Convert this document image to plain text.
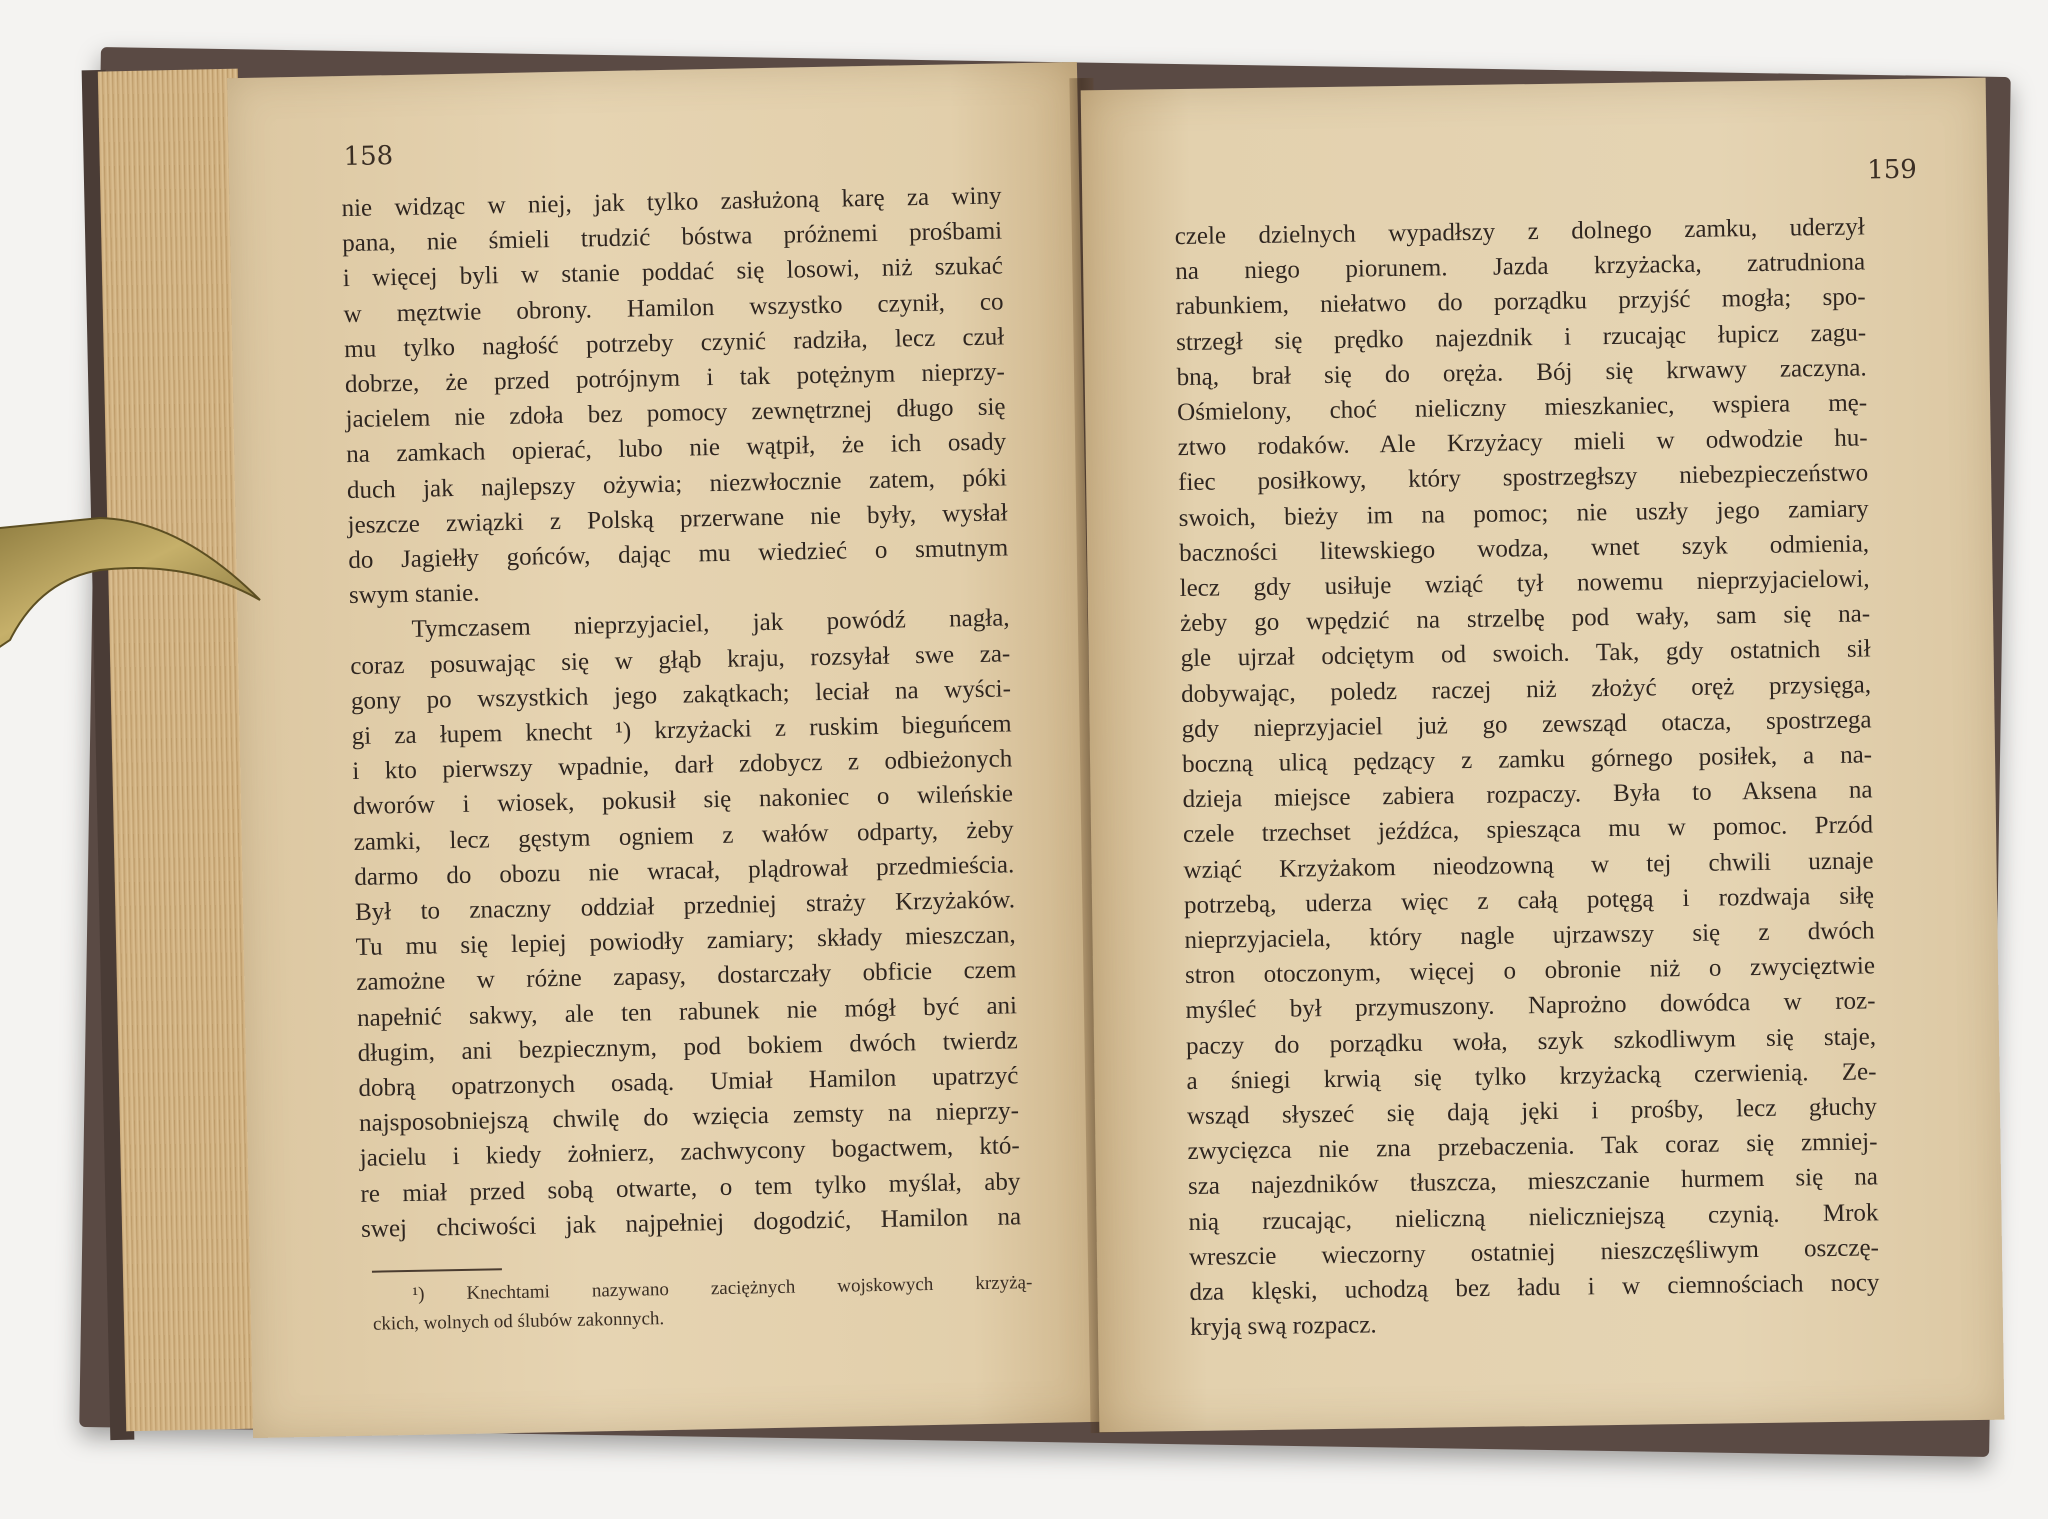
158
nie widząc w niej, jak tylko zasłużoną karę za winy
pana, nie śmieli trudzić bóstwa próżnemi prośbami
i więcej byli w stanie poddać się losowi, niż szukać
w męztwie obrony. Hamilon wszystko czynił, co
mu tylko nagłość potrzeby czynić radziła, lecz czuł
dobrze, że przed potrójnym i tak potężnym nieprzy-
jacielem nie zdoła bez pomocy zewnętrznej długo się
na zamkach opierać, lubo nie wątpił, że ich osady
duch jak najlepszy ożywia; niezwłocznie zatem, póki
jeszcze związki z Polską przerwane nie były, wysłał
do Jagiełły gońców, dając mu wiedzieć o smutnym
swym stanie.
Tymczasem nieprzyjaciel, jak powódź nagła,
coraz posuwając się w głąb kraju, rozsyłał swe za-
gony po wszystkich jego zakątkach; leciał na wyści-
gi za łupem knecht ¹) krzyżacki z ruskim bieguńcem
i kto pierwszy wpadnie, darł zdobycz z odbieżonych
dworów i wiosek, pokusił się nakoniec o wileńskie
zamki, lecz gęstym ogniem z wałów odparty, żeby
darmo do obozu nie wracał, plądrował przedmieścia.
Był to znaczny oddział przedniej straży Krzyżaków.
Tu mu się lepiej powiodły zamiary; składy mieszczan,
zamożne w różne zapasy, dostarczały obficie czem
napełnić sakwy, ale ten rabunek nie mógł być ani
długim, ani bezpiecznym, pod bokiem dwóch twierdz
dobrą opatrzonych osadą. Umiał Hamilon upatrzyć
najsposobniejszą chwilę do wzięcia zemsty na nieprzy-
jacielu i kiedy żołnierz, zachwycony bogactwem, któ-
re miał przed sobą otwarte, o tem tylko myślał, aby
swej chciwości jak najpełniej dogodzić, Hamilon na
¹) Knechtami nazywano zaciężnych wojskowych krzyżą-
ckich, wolnych od ślubów zakonnych.
159
czele dzielnych wypadłszy z dolnego zamku, uderzył
na niego piorunem. Jazda krzyżacka, zatrudniona
rabunkiem, niełatwo do porządku przyjść mogła; spo-
strzegł się prędko najezdnik i rzucając łupicz zagu-
bną, brał się do oręża. Bój się krwawy zaczyna.
Ośmielony, choć nieliczny mieszkaniec, wspiera mę-
ztwo rodaków. Ale Krzyżacy mieli w odwodzie hu-
fiec posiłkowy, który spostrzegłszy niebezpieczeństwo
swoich, bieży im na pomoc; nie uszły jego zamiary
baczności litewskiego wodza, wnet szyk odmienia,
lecz gdy usiłuje wziąć tył nowemu nieprzyjacielowi,
żeby go wpędzić na strzelbę pod wały, sam się na-
gle ujrzał odciętym od swoich. Tak, gdy ostatnich sił
dobywając, poledz raczej niż złożyć oręż przysięga,
gdy nieprzyjaciel już go zewsząd otacza, spostrzega
boczną ulicą pędzący z zamku górnego posiłek, a na-
dzieja miejsce zabiera rozpaczy. Była to Aksena na
czele trzechset jeźdźca, spiesząca mu w pomoc. Przód
wziąć Krzyżakom nieodzowną w tej chwili uznaje
potrzebą, uderza więc z całą potęgą i rozdwaja siłę
nieprzyjaciela, który nagle ujrzawszy się z dwóch
stron otoczonym, więcej o obronie niż o zwycięztwie
myśleć był przymuszony. Naprożno dowódca w roz-
paczy do porządku woła, szyk szkodliwym się staje,
a śniegi krwią się tylko krzyżacką czerwienią. Ze-
wsząd słyszeć się dają jęki i prośby, lecz głuchy
zwycięzca nie zna przebaczenia. Tak coraz się zmniej-
sza najezdników tłuszcza, mieszczanie hurmem się na
nią rzucając, nieliczną nieliczniejszą czynią. Mrok
wreszcie wieczorny ostatniej nieszczęśliwym oszczę-
dza klęski, uchodzą bez ładu i w ciemnościach nocy
kryją swą rozpacz.
